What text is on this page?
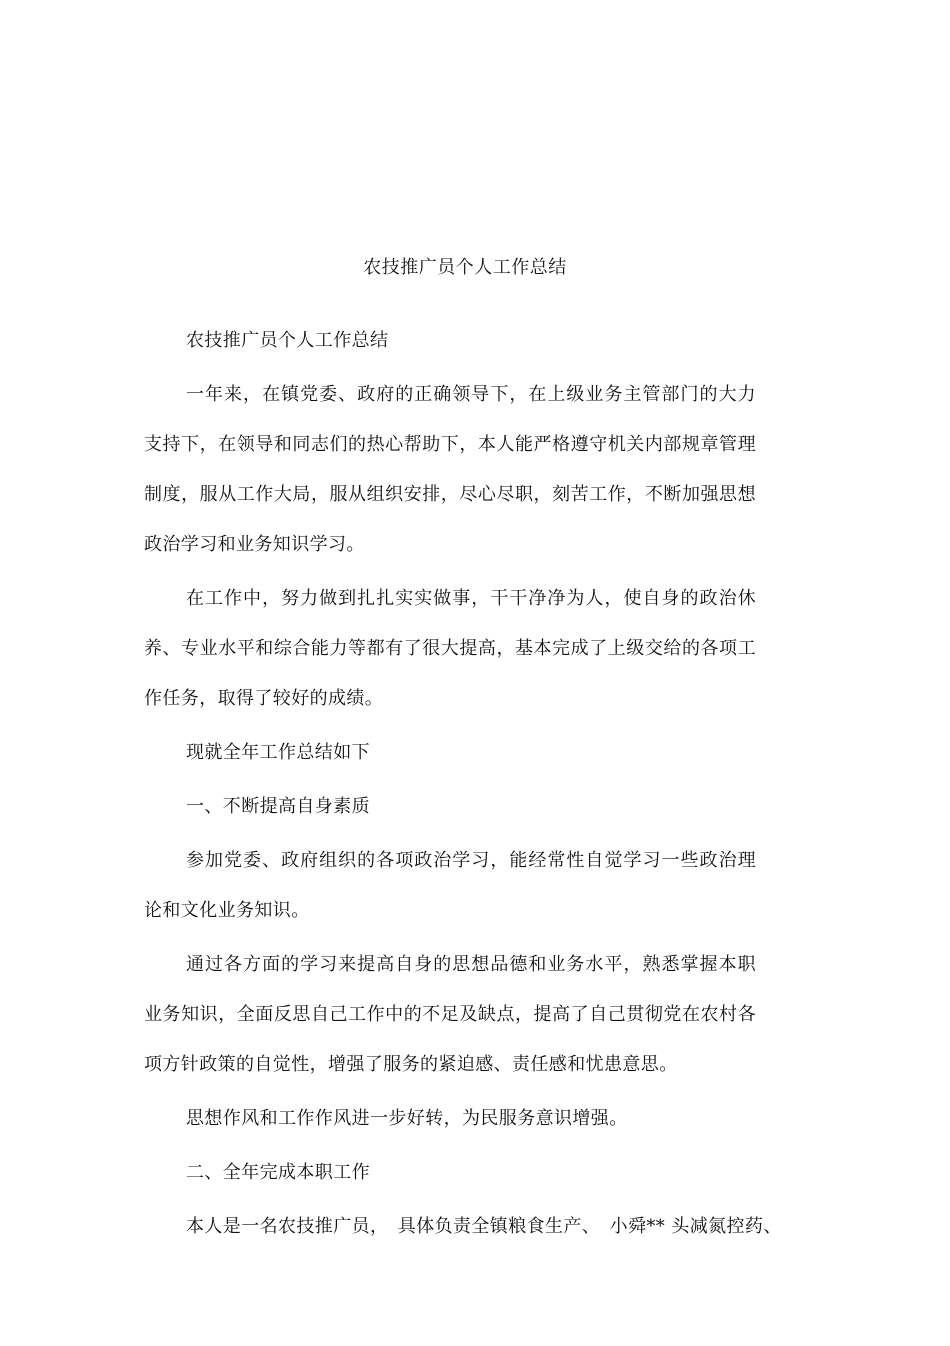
农技推广员个人工作总结

农技推广员个人工作总结

一年来，在镇党委、政府的正确领导下，在上级业务主管部门的大力支持下，在领导和同志们的热心帮助下，本人能严格遵守机关内部规章管理制度，服从工作大局，服从组织安排，尽心尽职，刻苦工作，不断加强思想政治学习和业务知识学习。

在工作中，努力做到扎扎实实做事，干干净净为人，使自身的政治休养、专业水平和综合能力等都有了很大提高，基本完成了上级交给的各项工作任务，取得了较好的成绩。

现就全年工作总结如下

一、不断提高自身素质

参加党委、政府组织的各项政治学习，能经常性自觉学习一些政治理论和文化业务知识。

通过各方面的学习来提高自身的思想品德和业务水平，熟悉掌握本职业务知识，全面反思自己工作中的不足及缺点，提高了自己贯彻党在农村各项方针政策的自觉性，增强了服务的紧迫感、责任感和忧患意思。

思想作风和工作作风进一步好转，为民服务意识增强。

二、全年完成本职工作

本人是一名农技推广员，　具体负责全镇粮食生产、　小舜** 头减氮控药、
